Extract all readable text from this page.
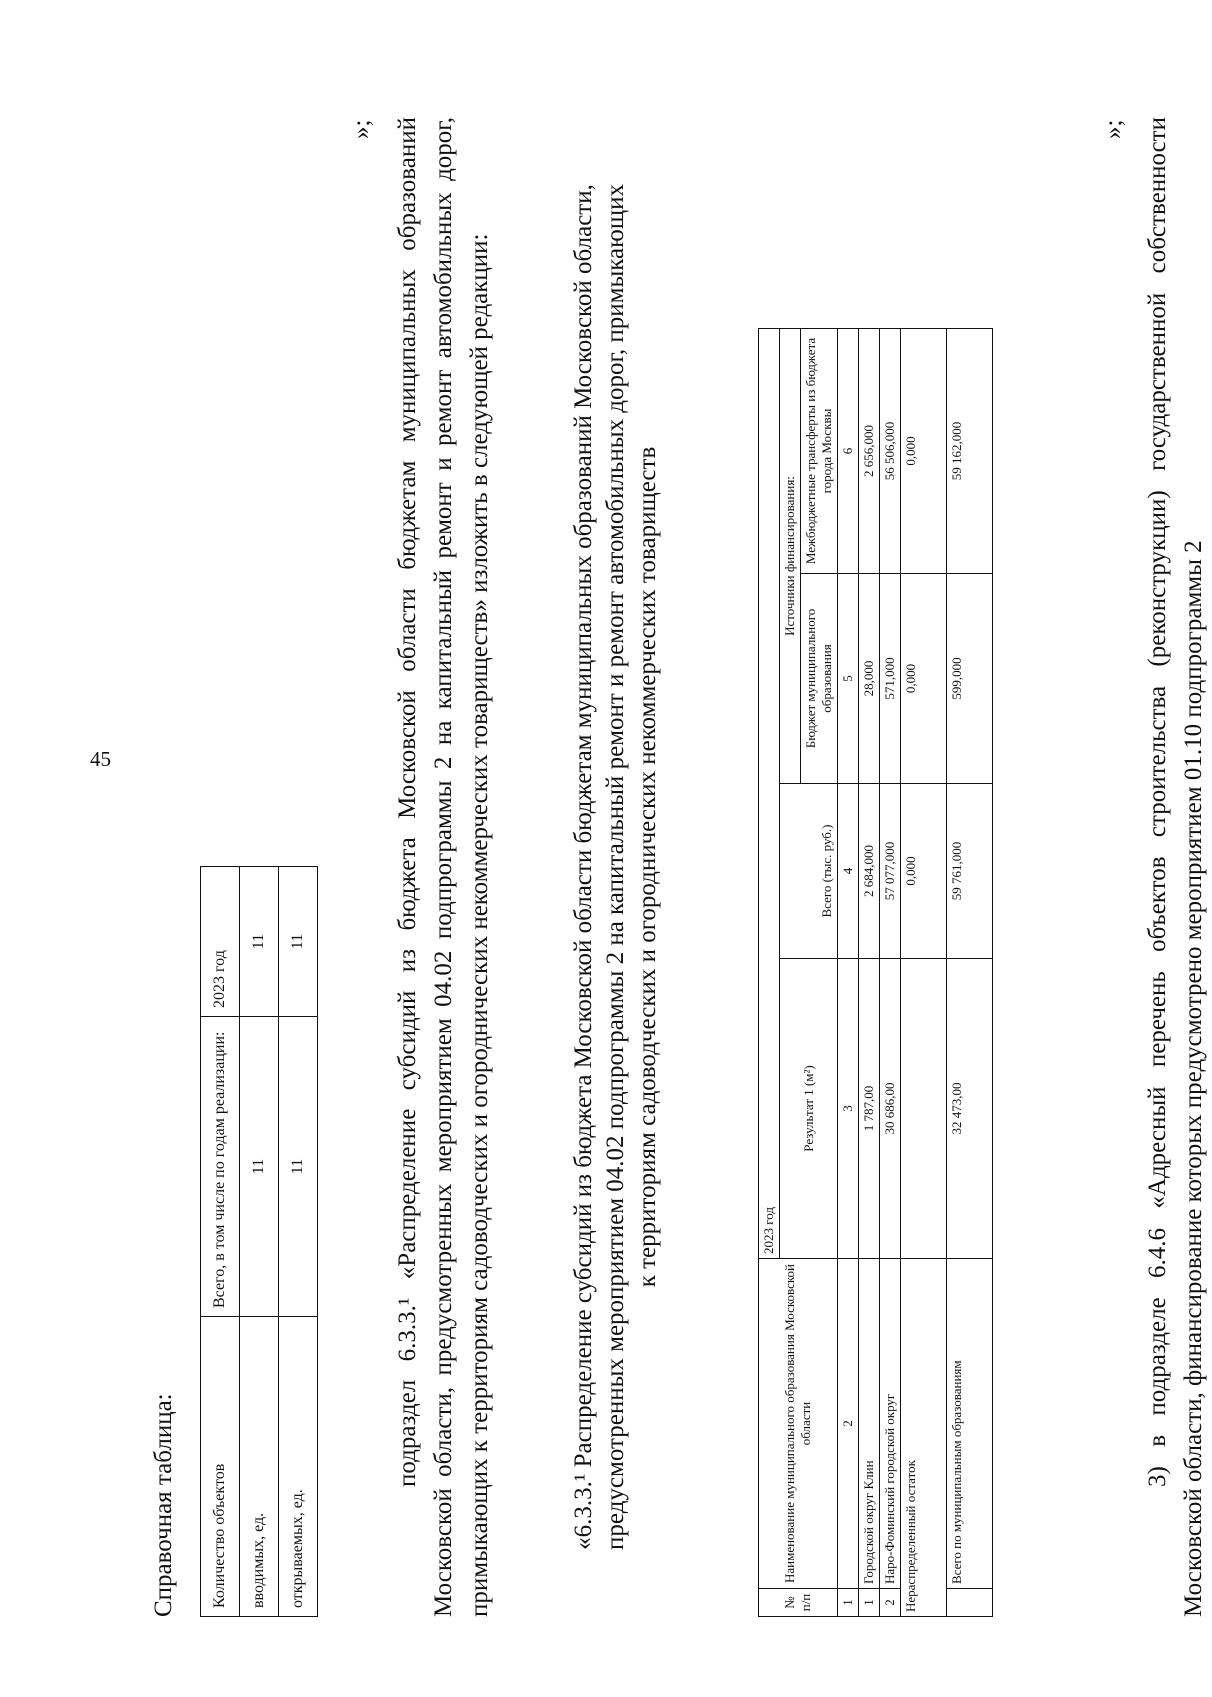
45
Справочная таблица: Количество объектов	Всего, в том числе по годам реализации:	2023 год
вводимых, ед.	11	11
открываемых, ед.	11	11
»; подраздел 6.3.3.¹ «Распределение субсидий из бюджета Московской области бюджетам муниципальных образований Московской области, предусмотренных мероприятием 04.02 подпрограммы 2 на капитальный ремонт и ремонт автомобильных дорог, примыкающих к территориям садоводческих и огороднических некоммерческих товариществ» изложить в следующей редакции:	«6.3.3.¹ Распределение субсидий из бюджета Московской области бюджетам муниципальных образований Московской области, предусмотренных мероприятием 04.02 подпрограммы 2 на капитальный ремонт и ремонт автомобильных дорог, примыкающих к территориям садоводческих и огороднических некоммерческих товариществ
№ п/п	Наименование муниципального образования Московской области	2023 год			
		Результат 1 (м²)	Всего (тыс. руб.)	Источники финансирования:	
				Бюджет муниципального образования	Межбюджетные трансферты из бюджета города Москвы
1	2	3	4	5	6
1	Городской округ Клин	1 787,00	2 684,000	28,000	2 656,000
2	Наро-Фоминский городской округ	30 686,00	57 077,000	571,000	56 506,000
Нераспределенный остаток			0,000	0,000	0,000
	Всего по муниципальным образованиям	32 473,00	59 761,000	599,000	59 162,000
»; 3) в подразделе 6.4.6 «Адресный перечень объектов строительства (реконструкции) государственной собственности Московской области, финансирование которых предусмотрено мероприятием 01.10 подпрограммы 2
